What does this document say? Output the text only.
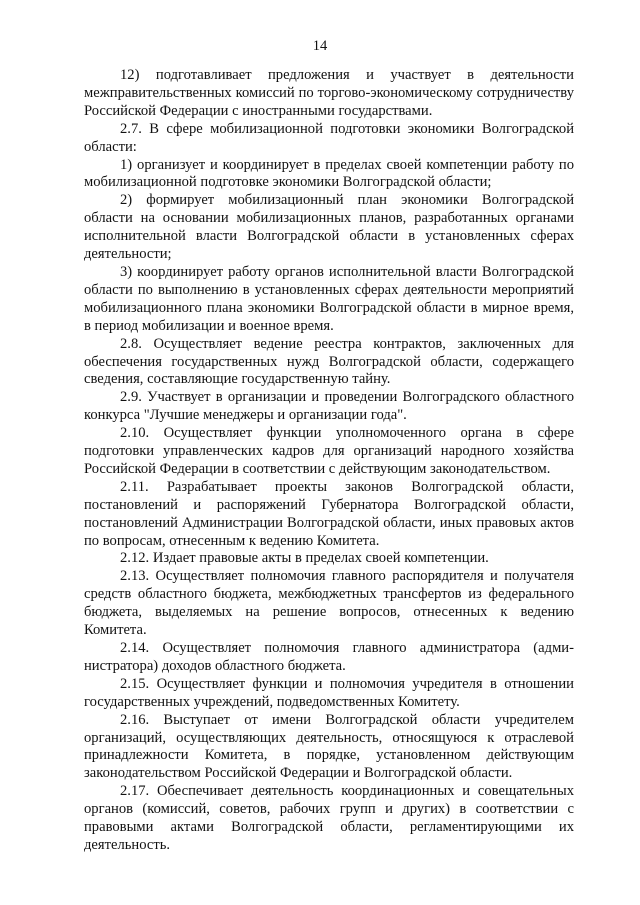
14

12) подготавливает предложения и участвует в деятельности межправительственных комиссий по торгово-экономическому сотрудничеству Российской Федерации с иностранными государствами.

2.7. В сфере мобилизационной подготовки экономики Волгоградской области:

1) организует и координирует в пределах своей компетенции работу по мобилизационной подготовке экономики Волгоградской области;

2) формирует мобилизационный план экономики Волгоградской области на основании мобилизационных планов, разработанных органами исполнительной власти Волгоградской области в установленных сферах деятельности;

3) координирует работу органов исполнительной власти Волгоградской области по выполнению в установленных сферах деятельности мероприятий мобилизационного плана экономики Волгоградской области в мирное время, в период мобилизации и военное время.

2.8. Осуществляет ведение реестра контрактов, заключенных для обеспечения государственных нужд Волгоградской области, содержащего сведения, составляющие государственную тайну.

2.9. Участвует в организации и проведении Волгоградского областного конкурса "Лучшие менеджеры и организации года".

2.10. Осуществляет функции уполномоченного органа в сфере подготовки управленческих кадров для организаций народного хозяйства Российской Федерации в соответствии с действующим законодательством.

2.11. Разрабатывает проекты законов Волгоградской области, постановлений и распоряжений Губернатора Волгоградской области, постановлений Администрации Волгоградской области, иных правовых актов по вопросам, отнесенным к ведению Комитета.

2.12. Издает правовые акты в пределах своей компетенции.

2.13. Осуществляет полномочия главного распорядителя и получателя средств областного бюджета, межбюджетных трансфертов из федерального бюджета, выделяемых на решение вопросов, отнесенных к ведению Комитета.

2.14. Осуществляет полномочия главного администратора (администратора) доходов областного бюджета.

2.15. Осуществляет функции и полномочия учредителя в отношении государственных учреждений, подведомственных Комитету.

2.16. Выступает от имени Волгоградской области учредителем организаций, осуществляющих деятельность, относящуюся к отраслевой принадлежности Комитета, в порядке, установленном действующим законодательством Российской Федерации и Волгоградской области.

2.17. Обеспечивает деятельность координационных и совещательных органов (комиссий, советов, рабочих групп и других) в соответствии с правовыми актами Волгоградской области, регламентирующими их деятельность.
